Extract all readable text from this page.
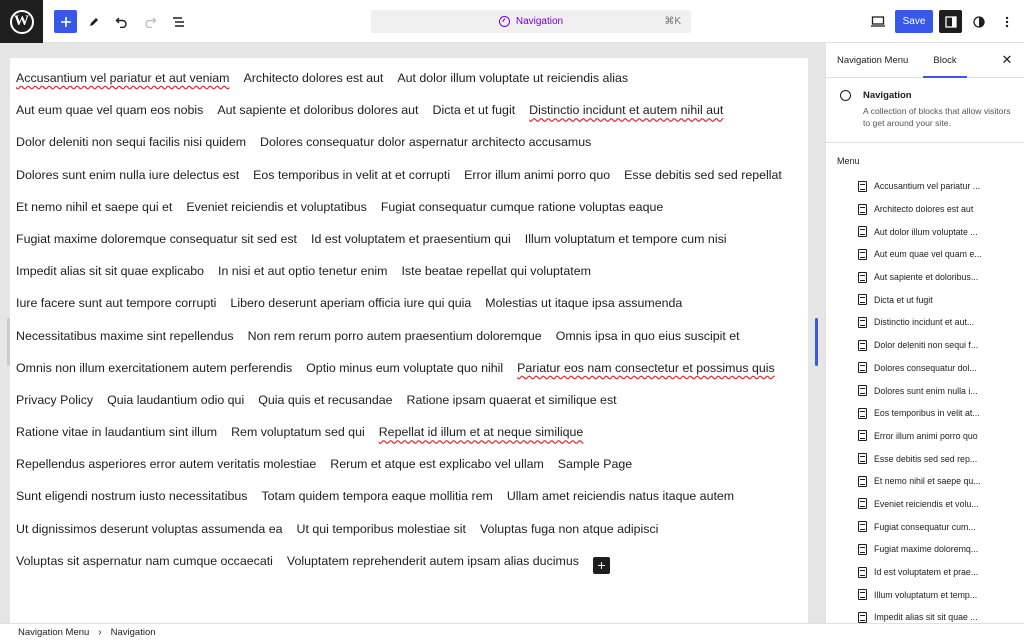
W	Navigation	⌘K	Save
Accusantium vel pariatur et aut veniam Architecto dolores est aut Aut dolor illum voluptate ut reiciendis alias
Aut eum quae vel quam eos nobis Aut sapiente et doloribus dolores aut Dicta et ut fugit Distinctio incidunt et autem nihil aut
Dolor deleniti non sequi facilis nisi quidem Dolores consequatur dolor aspernatur architecto accusamus
Dolores sunt enim nulla iure delectus est Eos temporibus in velit at et corrupti Error illum animi porro quo Esse debitis sed sed repellat
Et nemo nihil et saepe qui et Eveniet reiciendis et voluptatibus Fugiat consequatur cumque ratione voluptas eaque
Fugiat maxime doloremque consequatur sit sed est Id est voluptatem et praesentium qui Illum voluptatum et tempore cum nisi
Impedit alias sit sit quae explicabo In nisi et aut optio tenetur enim Iste beatae repellat qui voluptatem
Iure facere sunt aut tempore corrupti Libero deserunt aperiam officia iure qui quia Molestias ut itaque ipsa assumenda
Necessitatibus maxime sint repellendus Non rem rerum porro autem praesentium doloremque Omnis ipsa in quo eius suscipit et
Omnis non illum exercitationem autem perferendis Optio minus eum voluptate quo nihil Pariatur eos nam consectetur et possimus quis
Privacy Policy Quia laudantium odio qui Quia quis et recusandae Ratione ipsam quaerat et similique est
Ratione vitae in laudantium sint illum Rem voluptatum sed qui Repellat id illum et at neque similique
Repellendus asperiores error autem veritatis molestiae Rerum et atque est explicabo vel ullam Sample Page
Sunt eligendi nostrum iusto necessitatibus Totam quidem tempora eaque mollitia rem Ullam amet reiciendis natus itaque autem
Ut dignissimos deserunt voluptas assumenda ea Ut qui temporibus molestiae sit Voluptas fuga non atque adipisci
Voluptas sit aspernatur nam cumque occaecati Voluptatem reprehenderit autem ipsam alias ducimus	+
Navigation Menu	Block	✕
Navigation
A collection of blocks that allow visitors to get around your site.
Menu
Accusantium vel pariatur ...
Architecto dolores est aut
Aut dolor illum voluptate ...
Aut eum quae vel quam e...
Aut sapiente et doloribus...
Dicta et ut fugit
Distinctio incidunt et aut...
Dolor deleniti non sequi f...
Dolores consequatur dol...
Dolores sunt enim nulla i...
Eos temporibus in velit at...
Error illum animi porro quo
Esse debitis sed sed rep...
Et nemo nihil et saepe qu...
Eveniet reiciendis et volu...
Fugiat consequatur cum...
Fugiat maxime doloremq...
Id est voluptatem et prae...
Illum voluptatum et temp...
Impedit alias sit sit quae ...
Navigation Menu › Navigation
